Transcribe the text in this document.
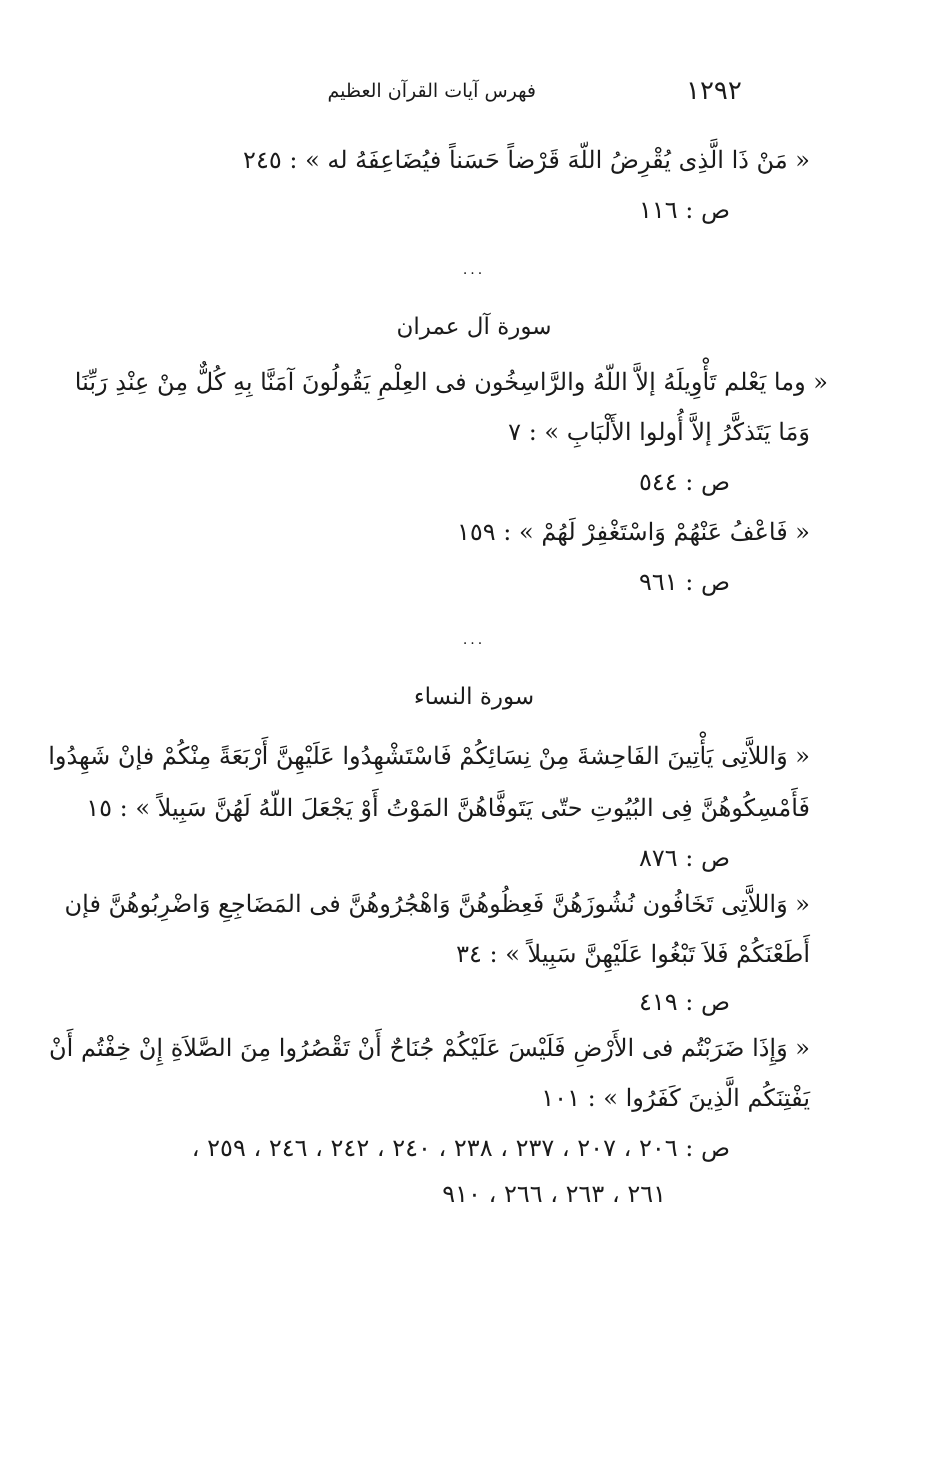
١٢٩٢
فهرس آيات القرآن العظيم
« مَنْ ذَا الَّذِى يُقْرِضُ اللّهَ قَرْضاً حَسَناً فيُضَاعِفَهُ له » : ٢٤٥
ص : ١١٦
...
سورة آل عمران
« وما يَعْلم تَأْوِيلَهُ إلاَّ اللّهُ والرَّاسِخُون فى العِلْمِ يَقُولُونَ آمَنَّا بِهِ كُلٌّ مِنْ عِنْدِ رَبِّنَا
وَمَا يَتَذكَّرُ إلاَّ أُولوا الأَلْبَابِ » : ٧
ص : ٥٤٤
« فَاعْفُ عَنْهُمْ وَاسْتَغْفِرْ لَهُمْ » : ١٥٩
ص : ٩٦١
...
سورة النساء
« وَاللاَّتِى يَأْتِينَ الفَاحِشةَ مِنْ نِسَائِكُمْ فَاسْتَشْهِدُوا عَلَيْهِنَّ أَرْبَعَةً مِنْكُمْ فإنْ شَهِدُوا
فَأَمْسِكُوهُنَّ فِى البُيُوتِ حتّى يَتَوفَّاهُنَّ المَوْتُ أَوْ يَجْعَلَ اللّهُ لَهُنَّ سَبِيلاً » : ١٥
ص : ٨٧٦
« وَاللاَّتِى تَخَافُون نُشُوزَهُنَّ فَعِظُوهُنَّ وَاهْجُرُوهُنَّ فى المَضَاجِعِ وَاضْرِبُوهُنَّ فإن
أَطَعْنَكُمْ فَلاَ تَبْغُوا عَلَيْهِنَّ سَبِيلاً » : ٣٤
ص : ٤١٩
« وَإِذَا ضَرَبْتُم فى الأَرْضِ فَلَيْسَ عَلَيْكُمْ جُنَاحٌ أَنْ تَقْصُرُوا مِنَ الصَّلاَةِ إِنْ خِفْتُم أَنْ
يَفْتِنَكُم الَّذِينَ كَفَرُوا » : ١٠١
ص : ٢٠٦ ، ٢٠٧ ، ٢٣٧ ، ٢٣٨ ، ٢٤٠ ، ٢٤٢ ، ٢٤٦ ، ٢٥٩ ،
٢٦١ ، ٢٦٣ ، ٢٦٦ ، ٩١٠
